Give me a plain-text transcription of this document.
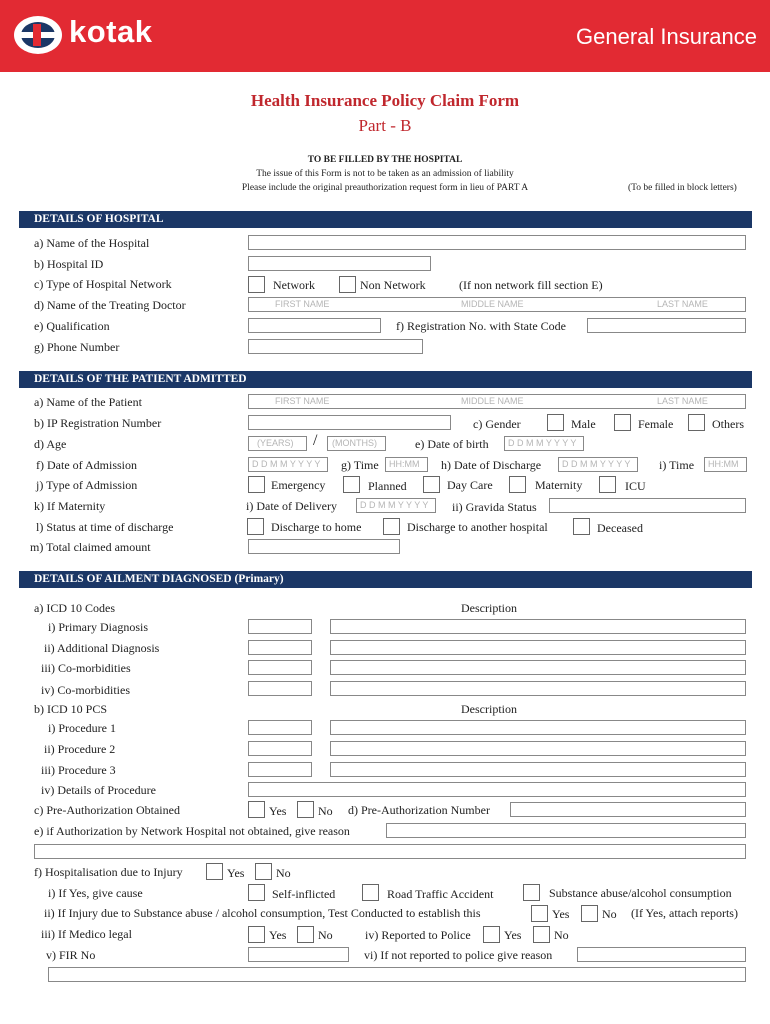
kotak	General Insurance
Health Insurance Policy Claim Form
Part - B
TO BE FILLED BY THE HOSPITAL
The issue of this Form is not to be taken as an admission of liability
Please include the original preauthorization request form in lieu of PART A	(To be filled in block letters)
DETAILS OF HOSPITAL
a) Name of the Hospital
b) Hospital ID
c) Type of Hospital Network	Network	Non Network	(If non network fill section E)
d) Name of the Treating Doctor	FIRST NAME	MIDDLE NAME	LAST NAME
e) Qualification	f) Registration No. with State Code
g) Phone Number
DETAILS OF THE PATIENT ADMITTED
a) Name of the Patient	FIRST NAME	MIDDLE NAME	LAST NAME
b) IP Registration Number	c) Gender	Male	Female	Others
d) Age	(YEARS) / (MONTHS)	e) Date of birth D D M M Y Y Y Y
f) Date of Admission	D D M M Y Y Y Y g) Time HH:MM h) Date of Discharge D D M M Y Y Y Y i) Time HH:MM
j) Type of Admission	Emergency	Planned	Day Care	Maternity	ICU
k) If Maternity	i) Date of Delivery	D D M M Y Y Y Y ii) Gravida Status
l) Status at time of discharge	Discharge to home	Discharge to another hospital	Deceased
m) Total claimed amount
DETAILS OF AILMENT DIAGNOSED (Primary)
a) ICD 10 Codes	Description
i) Primary Diagnosis
ii) Additional Diagnosis
iii) Co-morbidities
iv) Co-morbidities
b) ICD 10 PCS	Description
i) Procedure 1
ii) Procedure 2
iii) Procedure 3
iv) Details of Procedure
c) Pre-Authorization Obtained	Yes	No d) Pre-Authorization Number
e) if Authorization by Network Hospital not obtained, give reason
f) Hospitalisation due to Injury	Yes	No
i) If Yes, give cause	Self-inflicted	Road Traffic Accident	Substance abuse/alcohol consumption
ii) If Injury due to Substance abuse / alcohol consumption, Test Conducted to establish this	Yes	No (If Yes, attach reports)
iii) If Medico legal	Yes	No	iv) Reported to Police	Yes	No
v) FIR No	vi) If not reported to police give reason
